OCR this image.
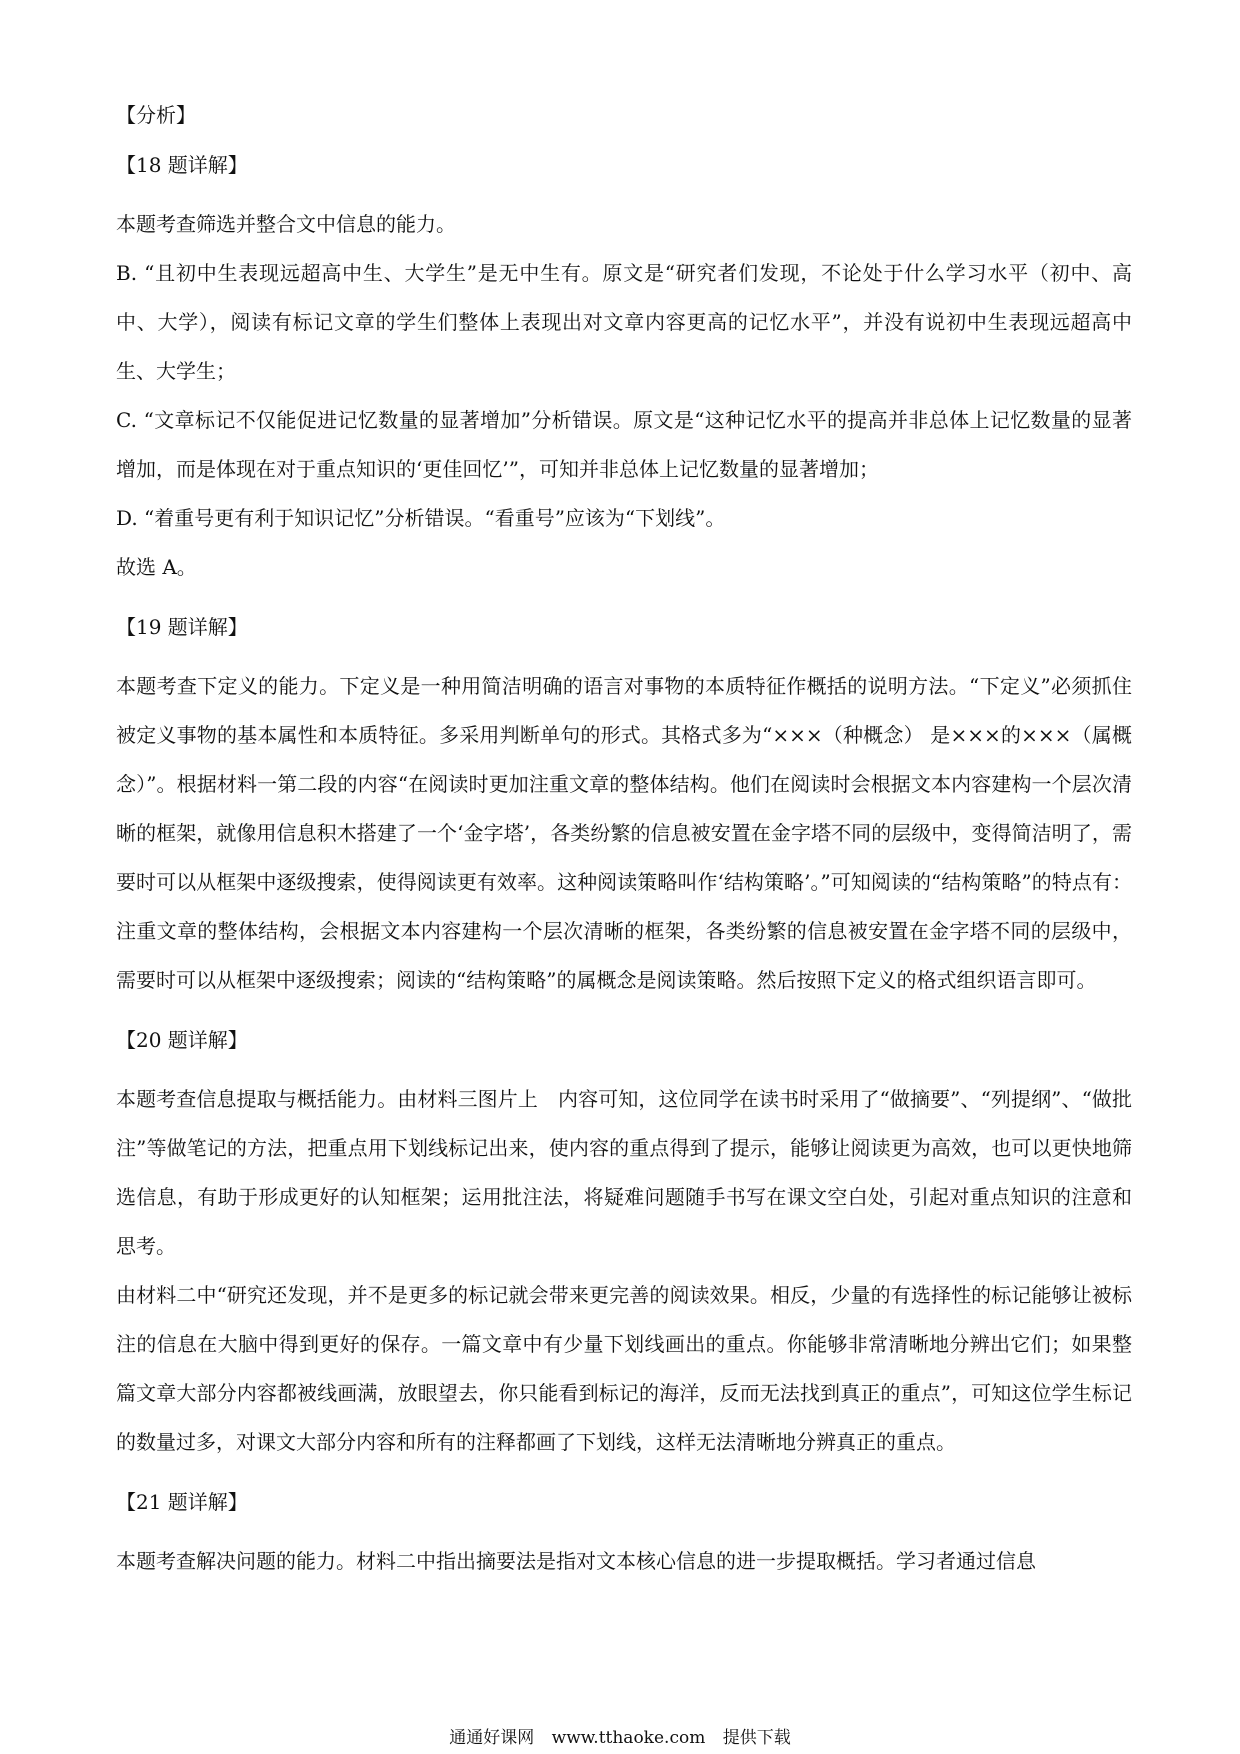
【分析】
【18 题详解】

本题考查筛选并整合文中信息的能力。

B. “且初中生表现远超高中生、大学生”是无中生有。原文是“研究者们发现，不论处于什么学习水平（初中、高中、大学），阅读有标记文章的学生们整体上表现出对文章内容更高的记忆水平”，并没有说初中生表现远超高中生、大学生；

C. “文章标记不仅能促进记忆数量的显著增加”分析错误。原文是“这种记忆水平的提高并非总体上记忆数量的显著增加，而是体现在对于重点知识的‘更佳回忆’”，可知并非总体上记忆数量的显著增加；

D. “着重号更有利于知识记忆”分析错误。“看重号”应该为“下划线”。

故选 A。

【19 题详解】

本题考查下定义的能力。下定义是一种用简洁明确的语言对事物的本质特征作概括的说明方法。“下定义”必须抓住被定义事物的基本属性和本质特征。多采用判断单句的形式。其格式多为“×××（种概念） 是×××的×××（属概念）”。根据材料一第二段的内容“在阅读时更加注重文章的整体结构。他们在阅读时会根据文本内容建构一个层次清晰的框架，就像用信息积木搭建了一个‘金字塔’，各类纷繁的信息被安置在金字塔不同的层级中，变得简洁明了，需要时可以从框架中逐级搜索，使得阅读更有效率。这种阅读策略叫作‘结构策略’。”可知阅读的“结构策略”的特点有：注重文章的整体结构，会根据文本内容建构一个层次清晰的框架，各类纷繁的信息被安置在金字塔不同的层级中，需要时可以从框架中逐级搜索；阅读的“结构策略”的属概念是阅读策略。然后按照下定义的格式组织语言即可。

【20 题详解】

本题考查信息提取与概括能力。由材料三图片上　内容可知，这位同学在读书时采用了“做摘要”、“列提纲”、“做批注”等做笔记的方法，把重点用下划线标记出来，使内容的重点得到了提示，能够让阅读更为高效，也可以更快地筛选信息，有助于形成更好的认知框架；运用批注法，将疑难问题随手书写在课文空白处，引起对重点知识的注意和思考。

由材料二中“研究还发现，并不是更多的标记就会带来更完善的阅读效果。相反，少量的有选择性的标记能够让被标注的信息在大脑中得到更好的保存。一篇文章中有少量下划线画出的重点。你能够非常清晰地分辨出它们；如果整篇文章大部分内容都被线画满，放眼望去，你只能看到标记的海洋，反而无法找到真正的重点”，可知这位学生标记的数量过多，对课文大部分内容和所有的注释都画了下划线，这样无法清晰地分辨真正的重点。

【21 题详解】

本题考查解决问题的能力。材料二中指出摘要法是指对文本核心信息的进一步提取概括。学习者通过信息

通通好课网 www.tthaoke.com 提供下载
